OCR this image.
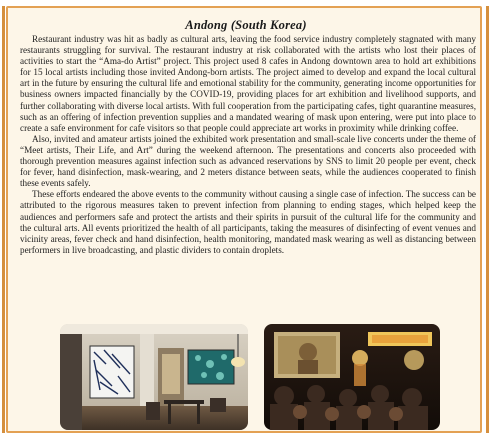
Andong (South Korea)

Restaurant industry was hit as badly as cultural arts, leaving the food service industry completely stagnated with many restaurants struggling for survival. The restaurant industry at risk collaborated with the artists who lost their places of activities to start the “Ama-do Artist” project. This project used 8 cafes in Andong downtown area to hold art exhibitions for 15 local artists including those invited Andong-born artists. The project aimed to develop and expand the local cultural art in the future by ensuring the cultural life and emotional stability for the community, generating income opportunities for business owners impacted financially by the COVID-19, providing places for art exhibition and livelihood supports, and further collaborating with diverse local artists. With full cooperation from the participating cafes, tight quarantine measures, such as an offering of infection prevention supplies and a mandated wearing of mask upon entering, were put into place to create a safe environment for cafe visitors so that people could appreciate art works in proximity while drinking coffee.

Also, invited and amateur artists joined the exhibited work presentation and small-scale live concerts under the theme of “Meet artists, Their Life, and Art” during the weekend afternoon. The presentations and concerts also proceeded with thorough prevention measures against infection such as advanced reservations by SNS to limit 20 people per event, check for fever, hand disinfection, mask-wearing, and 2 meters distance between seats, while the audiences cooperated to finish these events safely.

These efforts endeared the above events to the community without causing a single case of infection. The success can be attributed to the rigorous measures taken to prevent infection from planning to ending stages, which helped keep the audiences and performers safe and protect the artists and their spirits in pursuit of the cultural life for the community and the cultural arts. All events prioritized the health of all participants, taking the measures of disinfecting of event venues and vicinity areas, fever check and hand disinfection, health monitoring, mandated mask wearing as well as distancing between performers in live broadcasting, and plastic dividers to contain droplets.
